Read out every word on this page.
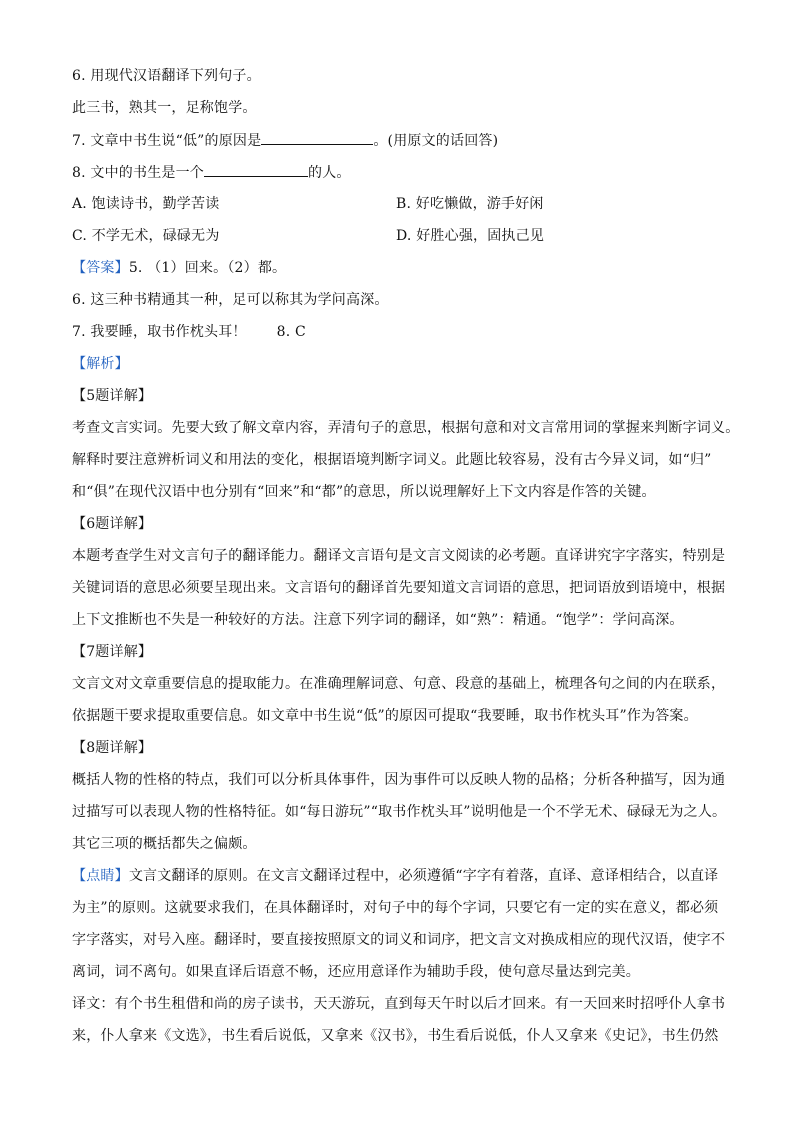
6. 用现代汉语翻译下列句子。
此三书，熟其一，足称饱学。
7. 文章中书生说“低”的原因是	。(用原文的话回答)
8. 文中的书生是一个	的人。
A. 饱读诗书，勤学苦读	B. 好吃懒做，游手好闲
C. 不学无术，碌碌无为	D. 好胜心强，固执己见
【答案】5. （1）回来。（2）都。
6. 这三种书精通其一种，足可以称其为学问高深。
7. 我要睡，取书作枕头耳！ 8. C
【解析】
【5题详解】
考查文言实词。先要大致了解文章内容，弄清句子的意思，根据句意和对文言常用词的掌握来判断字词义。
解释时要注意辨析词义和用法的变化，根据语境判断字词义。此题比较容易，没有古今异义词，如“归”
和“俱”在现代汉语中也分别有“回来”和“都”的意思，所以说理解好上下文内容是作答的关键。
【6题详解】
本题考查学生对文言句子的翻译能力。翻译文言语句是文言文阅读的必考题。直译讲究字字落实，特别是
关键词语的意思必须要呈现出来。文言语句的翻译首先要知道文言词语的意思，把词语放到语境中，根据
上下文推断也不失是一种较好的方法。注意下列字词的翻译，如“熟”：精通。“饱学”：学问高深。
【7题详解】
文言文对文章重要信息的提取能力。在准确理解词意、句意、段意的基础上，梳理各句之间的内在联系，
依据题干要求提取重要信息。如文章中书生说“低”的原因可提取“我要睡，取书作枕头耳”作为答案。
【8题详解】
概括人物的性格的特点，我们可以分析具体事件，因为事件可以反映人物的品格；分析各种描写，因为通
过描写可以表现人物的性格特征。如“每日游玩”“取书作枕头耳”说明他是一个不学无术、碌碌无为之人。
其它三项的概括都失之偏颇。
【点睛】文言文翻译的原则。在文言文翻译过程中，必须遵循“字字有着落，直译、意译相结合，以直译
为主”的原则。这就要求我们，在具体翻译时，对句子中的每个字词，只要它有一定的实在意义，都必须
字字落实，对号入座。翻译时，要直接按照原文的词义和词序，把文言文对换成相应的现代汉语，使字不
离词，词不离句。如果直译后语意不畅，还应用意译作为辅助手段，使句意尽量达到完美。
译文：有个书生租借和尚的房子读书，天天游玩，直到每天午时以后才回来。有一天回来时招呼仆人拿书
来，仆人拿来《文选》，书生看后说低，又拿来《汉书》，书生看后说低，仆人又拿来《史记》，书生仍然
